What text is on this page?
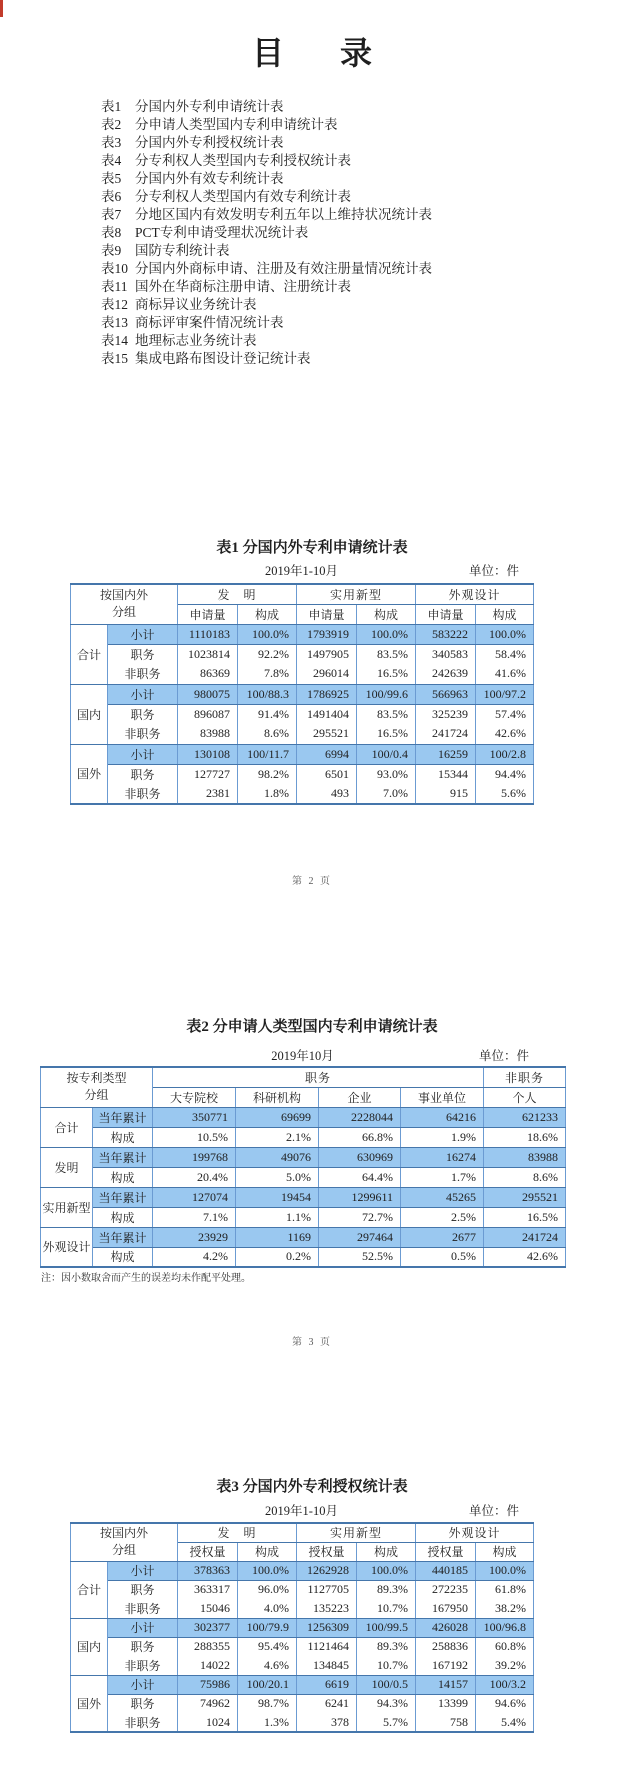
目　录
表1	分国内外专利申请统计表
表2	分申请人类型国内专利申请统计表
表3	分国内外专利授权统计表
表4	分专利权人类型国内专利授权统计表
表5	分国内外有效专利统计表
表6	分专利权人类型国内有效专利统计表
表7	分地区国内有效发明专利五年以上维持状况统计表
表8	PCT专利申请受理状况统计表
表9	国防专利统计表
表10 分国内外商标申请、注册及有效注册量情况统计表
表11 国外在华商标注册申请、注册统计表
表12 商标异议业务统计表
表13 商标评审案件情况统计表
表14 地理标志业务统计表
表15 集成电路布图设计登记统计表
表1 分国内外专利申请统计表
2019年1-10月	单位：件
按国内外
分组		发　明		实用新型		外观设计	
		申请量	构成	申请量	构成	申请量	构成
合计	小计	1110183	100.0%	1793919	100.0%	583222	100.0%
	职务	1023814	92.2%	1497905	83.5%	340583	58.4%
	非职务	86369	7.8%	296014	16.5%	242639	41.6%
国内	小计	980075	100/88.3	1786925	100/99.6	566963	100/97.2
	职务	896087	91.4%	1491404	83.5%	325239	57.4%
	非职务	83988	8.6%	295521	16.5%	241724	42.6%
国外	小计	130108	100/11.7	6994	100/0.4	16259	100/2.8
	职务	127727	98.2%	6501	93.0%	15344	94.4%
	非职务	2381	1.8%	493	7.0%	915	5.6%
第 2 页
表2 分申请人类型国内专利申请统计表
2019年10月	单位：件
按专利类型
分组		职务				非职务
		大专院校	科研机构	企业	事业单位	个人
合计	当年累计	350771	69699	2228044	64216	621233
	构成	10.5%	2.1%	66.8%	1.9%	18.6%
发明	当年累计	199768	49076	630969	16274	83988
	构成	20.4%	5.0%	64.4%	1.7%	8.6%
实用新型	当年累计	127074	19454	1299611	45265	295521
	构成	7.1%	1.1%	72.7%	2.5%	16.5%
外观设计	当年累计	23929	1169	297464	2677	241724
	构成	4.2%	0.2%	52.5%	0.5%	42.6%
注：因小数取舍而产生的误差均未作配平处理。
第 3 页
表3 分国内外专利授权统计表
2019年1-10月	单位：件
按国内外
分组		发　明		实用新型		外观设计	
		授权量	构成	授权量	构成	授权量	构成
合计	小计	378363	100.0%	1262928	100.0%	440185	100.0%
	职务	363317	96.0%	1127705	89.3%	272235	61.8%
	非职务	15046	4.0%	135223	10.7%	167950	38.2%
国内	小计	302377	100/79.9	1256309	100/99.5	426028	100/96.8
	职务	288355	95.4%	1121464	89.3%	258836	60.8%
	非职务	14022	4.6%	134845	10.7%	167192	39.2%
国外	小计	75986	100/20.1	6619	100/0.5	14157	100/3.2
	职务	74962	98.7%	6241	94.3%	13399	94.6%
	非职务	1024	1.3%	378	5.7%	758	5.4%
